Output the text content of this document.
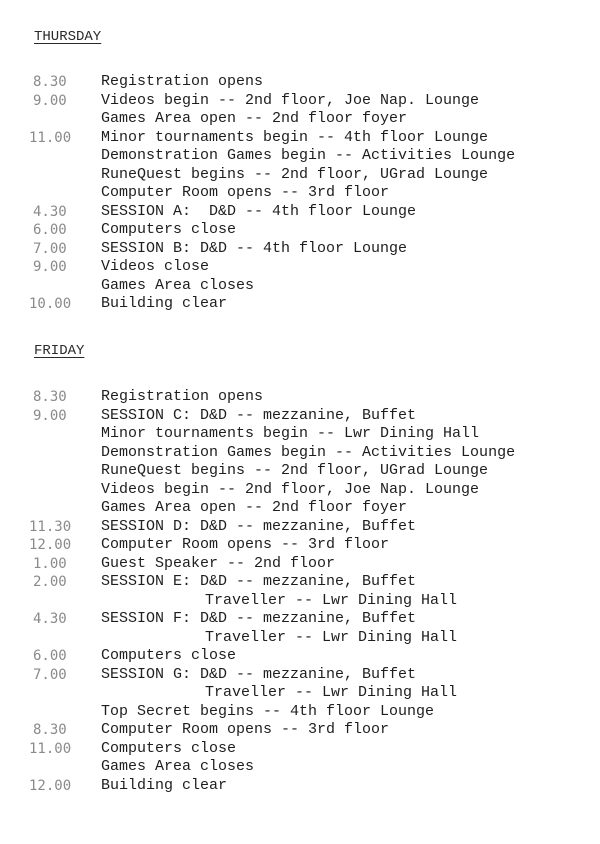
THURSDAY
8.30	Registration opens
9.00	Videos begin -- 2nd floor, Joe Nap. Lounge
Games Area open -- 2nd floor foyer
11.00	Minor tournaments begin -- 4th floor Lounge
Demonstration Games begin -- Activities Lounge
RuneQuest begins -- 2nd floor, UGrad Lounge
Computer Room opens -- 3rd floor
4.30	SESSION A:  D&D -- 4th floor Lounge
6.00	Computers close
7.00	SESSION B: D&D -- 4th floor Lounge
9.00	Videos close
Games Area closes
10.00	Building clear
FRIDAY
8.30	Registration opens
9.00	SESSION C: D&D -- mezzanine, Buffet
Minor tournaments begin -- Lwr Dining Hall
Demonstration Games begin -- Activities Lounge
RuneQuest begins -- 2nd floor, UGrad Lounge
Videos begin -- 2nd floor, Joe Nap. Lounge
Games Area open -- 2nd floor foyer
11.30	SESSION D: D&D -- mezzanine, Buffet
12.00	Computer Room opens -- 3rd floor
1.00	Guest Speaker -- 2nd floor
2.00	SESSION E: D&D -- mezzanine, Buffet
Traveller -- Lwr Dining Hall
4.30	SESSION F: D&D -- mezzanine, Buffet
Traveller -- Lwr Dining Hall
6.00	Computers close
7.00	SESSION G: D&D -- mezzanine, Buffet
Traveller -- Lwr Dining Hall
Top Secret begins -- 4th floor Lounge
8.30	Computer Room opens -- 3rd floor
11.00	Computers close
Games Area closes
12.00	Building clear
